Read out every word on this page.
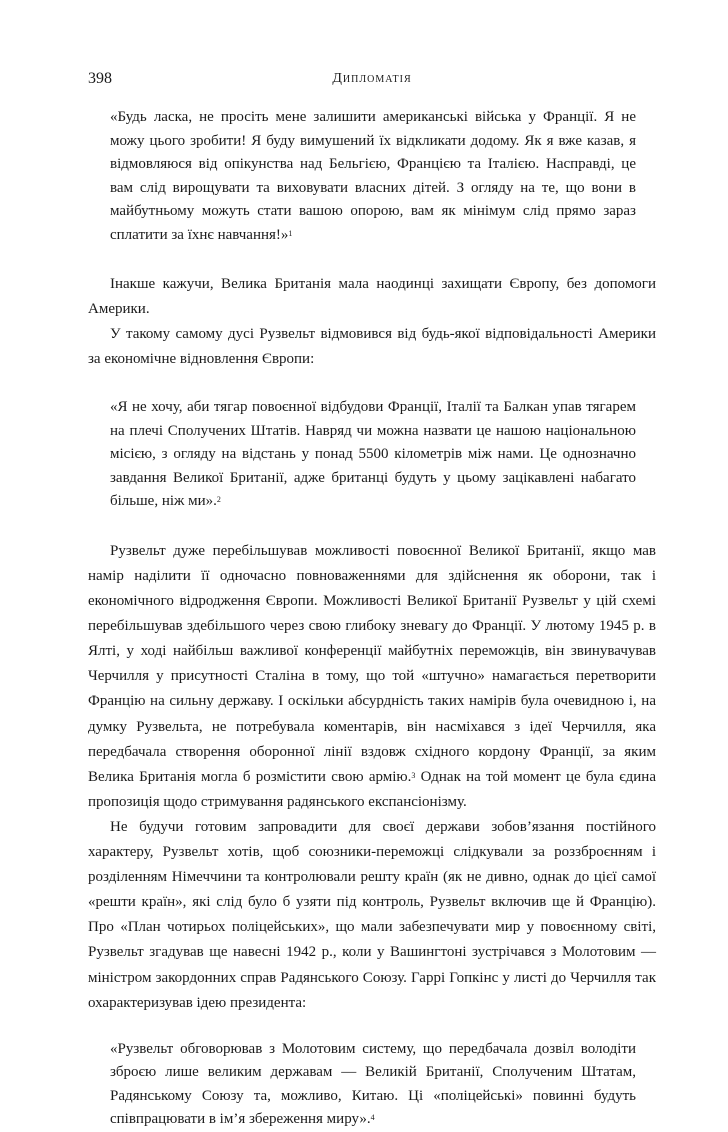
398	Дипломатія

«Будь ласка, не просіть мене залишити американські війська у Франції. Я не можу цього зробити! Я буду вимушений їх відкликати додому. Як я вже казав, я відмовляюся від опікунства над Бельгією, Францією та Італією. Насправді, це вам слід вирощувати та виховувати власних дітей. З огляду на те, що вони в майбутньому можуть стати вашою опорою, вам як мінімум слід прямо зараз сплатити за їхнє навчання!»$^1$

Інакше кажучи, Велика Британія мала наодинці захищати Європу, без допомоги Америки.

У такому самому дусі Рузвельт відмовився від будь-якої відповідальності Америки за економічне відновлення Європи:

«Я не хочу, аби тягар повоєнної відбудови Франції, Італії та Балкан упав тягарем на плечі Сполучених Штатів. Навряд чи можна назвати це нашою національною місією, з огляду на відстань у понад 5500 кілометрів між нами. Це однозначно завдання Великої Британії, адже британці будуть у цьому зацікавлені набагато більше, ніж ми».$^2$

Рузвельт дуже перебільшував можливості повоєнної Великої Британії, якщо мав намір наділити її одночасно повноваженнями для здійснення як оборони, так і економічного відродження Європи. Можливості Великої Британії Рузвельт у цій схемі перебільшував здебільшого через свою глибоку зневагу до Франції. У лютому 1945 р. в Ялті, у ході найбільш важливої конференції майбутніх переможців, він звинувачував Черчилля у присутності Сталіна в тому, що той «штучно» намагається перетворити Францію на сильну державу. І оскільки абсурдність таких намірів була очевидною і, на думку Рузвельта, не потребувала коментарів, він насміхався з ідеї Черчилля, яка передбачала створення оборонної лінії вздовж східного кордону Франції, за яким Велика Британія могла б розмістити свою армію.$^3$ Однак на той момент це була єдина пропозиція щодо стримування радянського експансіонізму.

Не будучи готовим запровадити для своєї держави зобов’язання постійного характеру, Рузвельт хотів, щоб союзники-переможці слідкували за роззброєнням і розділенням Німеччини та контролювали решту країн (як не дивно, однак до цієї самої «решти країн», які слід було б узяти під контроль, Рузвельт включив ще й Францію). Про «План чотирьох поліцейських», що мали забезпечувати мир у повоєнному світі, Рузвельт згадував ще навесні 1942 р., коли у Вашингтоні зустрічався з Молотовим — міністром закордонних справ Радянського Союзу. Гаррі Гопкінс у листі до Черчилля так охарактеризував ідею президента:

«Рузвельт обговорював з Молотовим систему, що передбачала дозвіл володіти зброєю лише великим державам — Великій Британії, Сполученим Штатам, Радянському Союзу та, можливо, Китаю. Ці «поліцейські» повинні будуть співпрацювати в ім’я збереження миру».$^4$
